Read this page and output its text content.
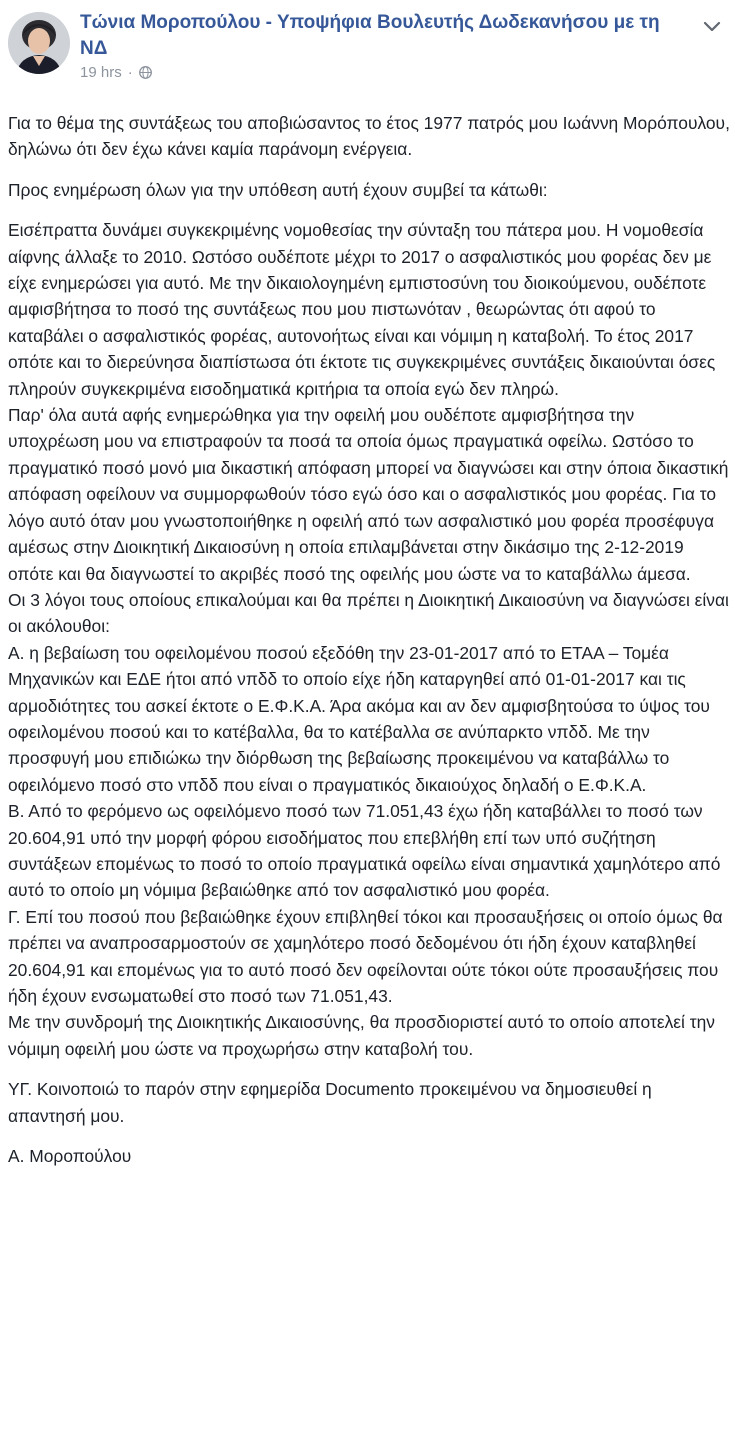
Τώνια Μοροπούλου - Υποψήφια Βουλευτής Δωδεκανήσου με τη ΝΔ

19 hrs ·

Για το θέμα της συντάξεως του αποβιώσαντος το έτος 1977 πατρός μου Ιωάννη Μορόπουλου, δηλώνω ότι δεν έχω κάνει καμία παράνομη ενέργεια.

Προς ενημέρωση όλων για την υπόθεση αυτή έχουν συμβεί τα κάτωθι:

Εισέπραττα δυνάμει συγκεκριμένης νομοθεσίας την σύνταξη του πάτερα μου. Η νομοθεσία αίφνης άλλαξε το 2010. Ωστόσο ουδέποτε μέχρι το 2017 ο ασφαλιστικός μου φορέας δεν με είχε ενημερώσει για αυτό. Με την δικαιολογημένη εμπιστοσύνη του διοικούμενου, ουδέποτε αμφισβήτησα το ποσό της συντάξεως που μου πιστωνόταν , θεωρώντας ότι αφού το καταβάλει ο ασφαλιστικός φορέας, αυτονοήτως είναι και νόμιμη η καταβολή. Το έτος 2017 οπότε και το διερεύνησα διαπίστωσα ότι έκτοτε τις συγκεκριμένες συντάξεις δικαιούνται όσες πληρούν συγκεκριμένα εισοδηματικά κριτήρια τα οποία εγώ δεν πληρώ.

Παρ' όλα αυτά αφής ενημερώθηκα για την οφειλή μου ουδέποτε αμφισβήτησα την υποχρέωση μου να επιστραφούν τα ποσά τα οποία όμως πραγματικά οφείλω. Ωστόσο το πραγματικό ποσό μονό μια δικαστική απόφαση μπορεί να διαγνώσει και στην όποια δικαστική απόφαση οφείλουν να συμμορφωθούν τόσο εγώ όσο και ο ασφαλιστικός μου φορέας. Για το λόγο αυτό όταν μου γνωστοποιήθηκε η οφειλή από των ασφαλιστικό μου φορέα προσέφυγα αμέσως στην Διοικητική Δικαιοσύνη η οποία επιλαμβάνεται στην δικάσιμο της 2-12-2019 οπότε και θα διαγνωστεί το ακριβές ποσό της οφειλής μου ώστε να το καταβάλλω άμεσα.

Οι 3 λόγοι τους οποίους επικαλούμαι και θα πρέπει η Διοικητική Δικαιοσύνη να διαγνώσει είναι οι ακόλουθοι:

Α. η βεβαίωση του οφειλομένου ποσού εξεδόθη την 23-01-2017 από το ΕΤΑΑ – Τομέα Μηχανικών και ΕΔΕ ήτοι από νπδδ το οποίο είχε ήδη καταργηθεί από 01-01-2017 και τις αρμοδιότητες του ασκεί έκτοτε ο Ε.Φ.Κ.Α. Άρα ακόμα και αν δεν αμφισβητούσα το ύψος του οφειλομένου ποσού και το κατέβαλλα, θα το κατέβαλλα σε ανύπαρκτο νπδδ. Με την προσφυγή μου επιδιώκω την διόρθωση της βεβαίωσης προκειμένου να καταβάλλω το οφειλόμενο ποσό στο νπδδ που είναι ο πραγματικός δικαιούχος δηλαδή ο Ε.Φ.Κ.Α.

Β. Από το φερόμενο ως οφειλόμενο ποσό των 71.051,43 έχω ήδη καταβάλλει το ποσό των 20.604,91 υπό την μορφή φόρου εισοδήματος που επεβλήθη επί των υπό συζήτηση συντάξεων επομένως το ποσό το οποίο πραγματικά οφείλω είναι σημαντικά χαμηλότερο από αυτό το οποίο μη νόμιμα βεβαιώθηκε από τον ασφαλιστικό μου φορέα.

Γ. Επί του ποσού που βεβαιώθηκε έχουν επιβληθεί τόκοι και προσαυξήσεις οι οποίο όμως θα πρέπει να αναπροσαρμοστούν σε χαμηλότερο ποσό δεδομένου ότι ήδη έχουν καταβληθεί 20.604,91 και επομένως για το αυτό ποσό δεν οφείλονται ούτε τόκοι ούτε προσαυξήσεις που ήδη έχουν ενσωματωθεί στο ποσό των 71.051,43.

Με την συνδρομή της Διοικητικής Δικαιοσύνης, θα προσδιοριστεί αυτό το οποίο αποτελεί την νόμιμη οφειλή μου ώστε να προχωρήσω στην καταβολή του.

ΥΓ. Κοινοποιώ το παρόν στην εφημερίδα Documento προκειμένου να δημοσιευθεί η απαντησή μου.

Α. Μοροπούλου
